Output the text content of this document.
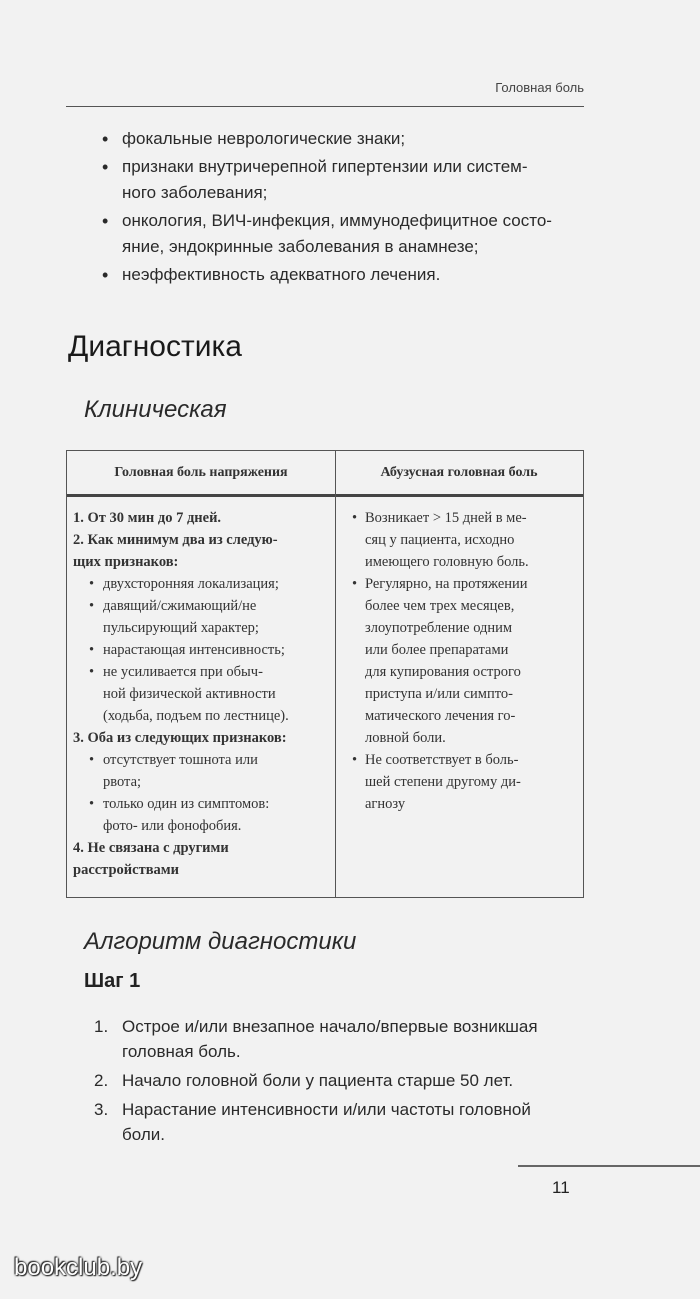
Головная боль
• фокальные неврологические знаки;
• признаки внутричерепной гипертензии или систем-
ного заболевания;
• онкология, ВИЧ-инфекция, иммунодефицитное состо-
яние, эндокринные заболевания в анамнезе;
• неэффективность адекватного лечения.
Диагностика
Клиническая
Головная боль напряжения	Абузусная головная боль

1. От 30 мин до 7 дней.

2. Как минимум два из следую-
щих признаков:

• двухсторонняя локализация;
• давящий/сжимающий/не
пульсирующий характер;
• нарастающая интенсивность;
• не усиливается при обыч-
ной физической активности
(ходьба, подъем по лестнице).

3. Оба из следующих признаков:

• отсутствует тошнота или
рвота;
• только один из симптомов:
фото- или фонофобия.

4. Не связана с другими
расстройствами

• Возникает > 15 дней в ме-
сяц у пациента, исходно
имеющего головную боль.
• Регулярно, на протяжении
более чем трех месяцев,
злоупотребление одним
или более препаратами
для купирования острого
приступа и/или симпто-
матического лечения го-
ловной боли.
• Не соответствует в боль-
шей степени другому ди-
агнозу
Алгоритм диагностики
Шаг 1
1. Острое и/или внезапное начало/впервые возникшая
головная боль.
2. Начало головной боли у пациента старше 50 лет.
3. Нарастание интенсивности и/или частоты головной
боли.
11
bookclub.by
